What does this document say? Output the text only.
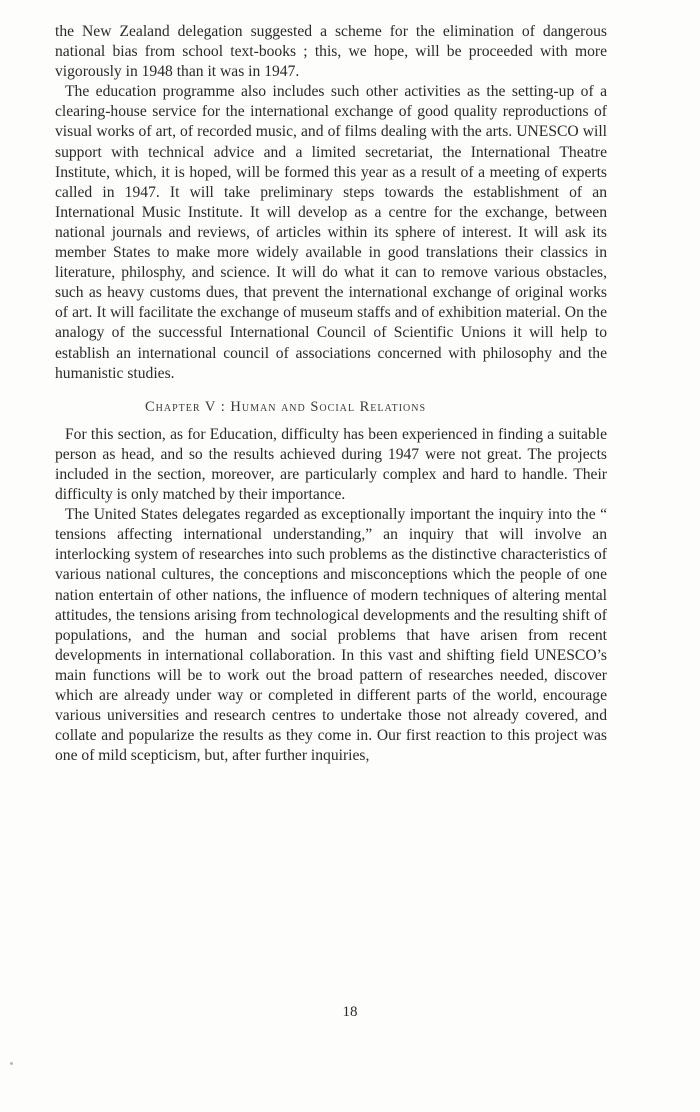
the New Zealand delegation suggested a scheme for the elimination of dangerous national bias from school text-books ; this, we hope, will be proceeded with more vigorously in 1948 than it was in 1947.

The education programme also includes such other activities as the setting-up of a clearing-house service for the international exchange of good quality reproductions of visual works of art, of recorded music, and of films dealing with the arts. UNESCO will support with technical advice and a limited secretariat, the International Theatre Institute, which, it is hoped, will be formed this year as a result of a meeting of experts called in 1947. It will take preliminary steps towards the establishment of an International Music Institute. It will develop as a centre for the exchange, between national journals and reviews, of articles within its sphere of interest. It will ask its member States to make more widely available in good translations their classics in literature, philosphy, and science. It will do what it can to remove various obstacles, such as heavy customs dues, that prevent the international exchange of original works of art. It will facilitate the exchange of museum staffs and of exhibition material. On the analogy of the successful International Council of Scientific Unions it will help to establish an international council of associations concerned with philosophy and the humanistic studies.

Chapter V : Human and Social Relations

For this section, as for Education, difficulty has been experienced in finding a suitable person as head, and so the results achieved during 1947 were not great. The projects included in the section, moreover, are particularly complex and hard to handle. Their difficulty is only matched by their importance.

The United States delegates regarded as exceptionally important the inquiry into the “ tensions affecting international understanding,” an inquiry that will involve an interlocking system of researches into such problems as the distinctive characteristics of various national cultures, the conceptions and misconceptions which the people of one nation entertain of other nations, the influence of modern techniques of altering mental attitudes, the tensions arising from technological developments and the resulting shift of populations, and the human and social problems that have arisen from recent developments in international collaboration. In this vast and shifting field UNESCO’s main functions will be to work out the broad pattern of researches needed, discover which are already under way or completed in different parts of the world, encourage various universities and research centres to undertake those not already covered, and collate and popularize the results as they come in. Our first reaction to this project was one of mild scepticism, but, after further inquiries,

18
